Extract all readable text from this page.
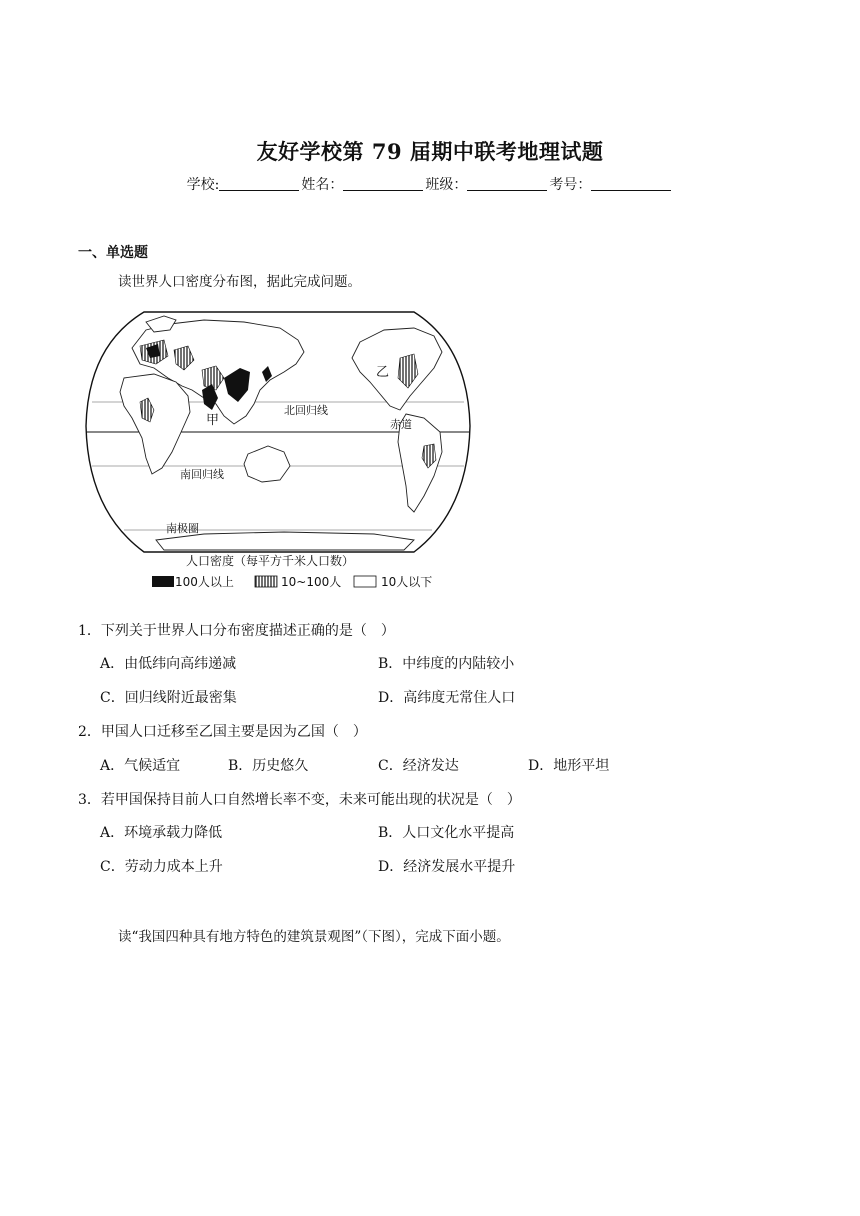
友好学校第 79 届期中联考地理试题
学校:	姓名：	班级：	考号：
一、单选题
读世界人口密度分布图，据此完成问题。
甲
乙
北回归线
赤道
南回归线
南极圈
人口密度（每平方千米人口数）
100人以上	10~100人	10人以下
1．下列关于世界人口分布密度描述正确的是（　）
A．由低纬向高纬递减	B．中纬度的内陆较小
C．回归线附近最密集	D．高纬度无常住人口
2．甲国人口迁移至乙国主要是因为乙国（　）
A．气候适宜	B．历史悠久	C．经济发达	D．地形平坦
3．若甲国保持目前人口自然增长率不变，未来可能出现的状况是（　）
A．环境承载力降低	B．人口文化水平提高
C．劳动力成本上升	D．经济发展水平提升
读“我国四种具有地方特色的建筑景观图”（下图），完成下面小题。
